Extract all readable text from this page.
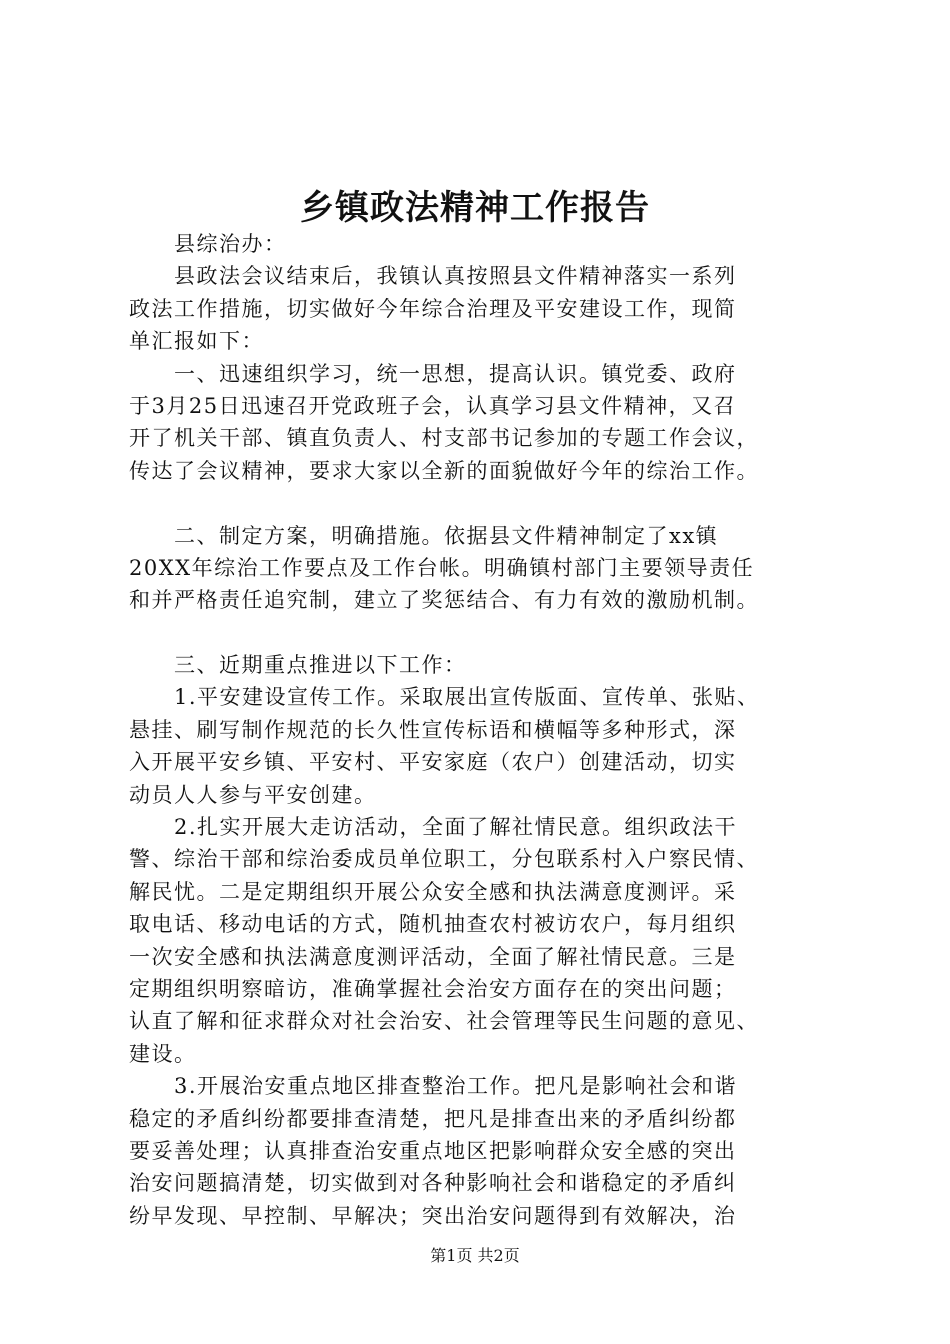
乡镇政法精神工作报告
　　县综治办：
　　县政法会议结束后，我镇认真按照县文件精神落实一系列
政法工作措施，切实做好今年综合治理及平安建设工作，现简
单汇报如下：
　　一、迅速组织学习，统一思想，提高认识。镇党委、政府
于3月25日迅速召开党政班子会，认真学习县文件精神，又召
开了机关干部、镇直负责人、村支部书记参加的专题工作会议，
传达了会议精神，要求大家以全新的面貌做好今年的综治工作。
　　二、制定方案，明确措施。依据县文件精神制定了xx镇
20XX年综治工作要点及工作台帐。明确镇村部门主要领导责任
和并严格责任追究制，建立了奖惩结合、有力有效的激励机制。
　　三、近期重点推进以下工作：
　　1.平安建设宣传工作。采取展出宣传版面、宣传单、张贴、
悬挂、刷写制作规范的长久性宣传标语和横幅等多种形式，深
入开展平安乡镇、平安村、平安家庭（农户）创建活动，切实
动员人人参与平安创建。
　　2.扎实开展大走访活动，全面了解社情民意。组织政法干
警、综治干部和综治委成员单位职工，分包联系村入户察民情、
解民忧。二是定期组织开展公众安全感和执法满意度测评。采
取电话、移动电话的方式，随机抽查农村被访农户，每月组织
一次安全感和执法满意度测评活动，全面了解社情民意。三是
定期组织明察暗访，准确掌握社会治安方面存在的突出问题；
认直了解和征求群众对社会治安、社会管理等民生问题的意见、
建设。
　　3.开展治安重点地区排查整治工作。把凡是影响社会和谐
稳定的矛盾纠纷都要排查清楚，把凡是排查出来的矛盾纠纷都
要妥善处理；认真排查治安重点地区把影响群众安全感的突出
治安问题搞清楚，切实做到对各种影响社会和谐稳定的矛盾纠
纷早发现、早控制、早解决；突出治安问题得到有效解决，治
第1页 共2页
